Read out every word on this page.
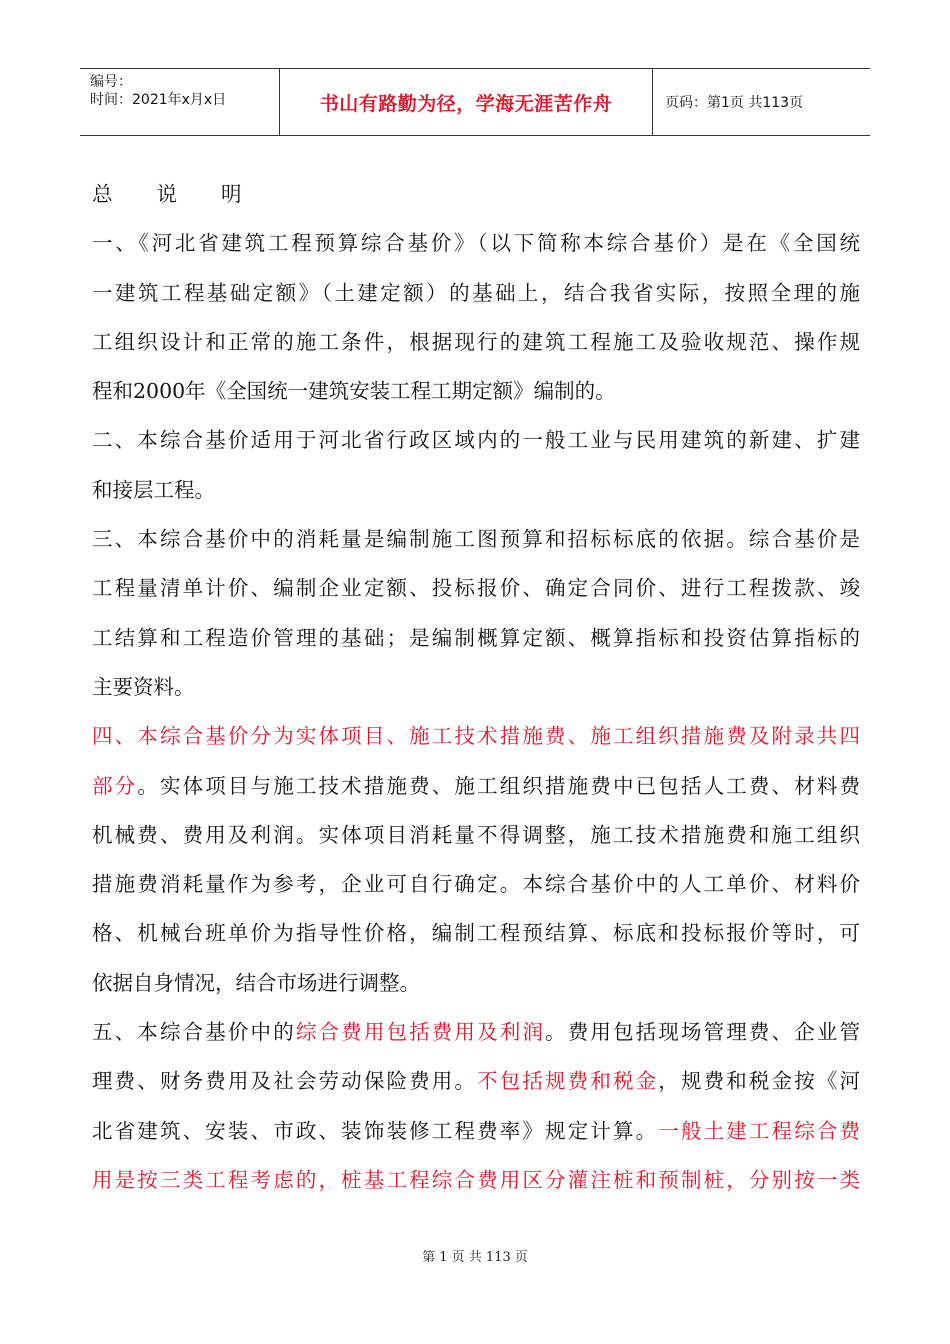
编号：
时间：2021年x月x日	书山有路勤为径，学海无涯苦作舟	页码：第1页 共113页
总 说 明
一、《河北省建筑工程预算综合基价》（以下简称本综合基价）是在《全国统
一建筑工程基础定额》（土建定额）的基础上，结合我省实际，按照全理的施
工组织设计和正常的施工条件，根据现行的建筑工程施工及验收规范、操作规
程和2000年《全国统一建筑安装工程工期定额》编制的。
二、本综合基价适用于河北省行政区域内的一般工业与民用建筑的新建、扩建
和接层工程。
三、本综合基价中的消耗量是编制施工图预算和招标标底的依据。综合基价是
工程量清单计价、编制企业定额、投标报价、确定合同价、进行工程拨款、竣
工结算和工程造价管理的基础；是编制概算定额、概算指标和投资估算指标的
主要资料。
四、本综合基价分为实体项目、施工技术措施费、施工组织措施费及附录共四
部分。实体项目与施工技术措施费、施工组织措施费中已包括人工费、材料费
机械费、费用及利润。实体项目消耗量不得调整，施工技术措施费和施工组织
措施费消耗量作为参考，企业可自行确定。本综合基价中的人工单价、材料价
格、机械台班单价为指导性价格，编制工程预结算、标底和投标报价等时，可
依据自身情况，结合市场进行调整。
五、本综合基价中的综合费用包括费用及利润。费用包括现场管理费、企业管
理费、财务费用及社会劳动保险费用。不包括规费和税金，规费和税金按《河
北省建筑、安装、市政、装饰装修工程费率》规定计算。一般土建工程综合费
用是按三类工程考虑的，桩基工程综合费用区分灌注桩和预制桩，分别按一类
第 1 页 共 113 页
